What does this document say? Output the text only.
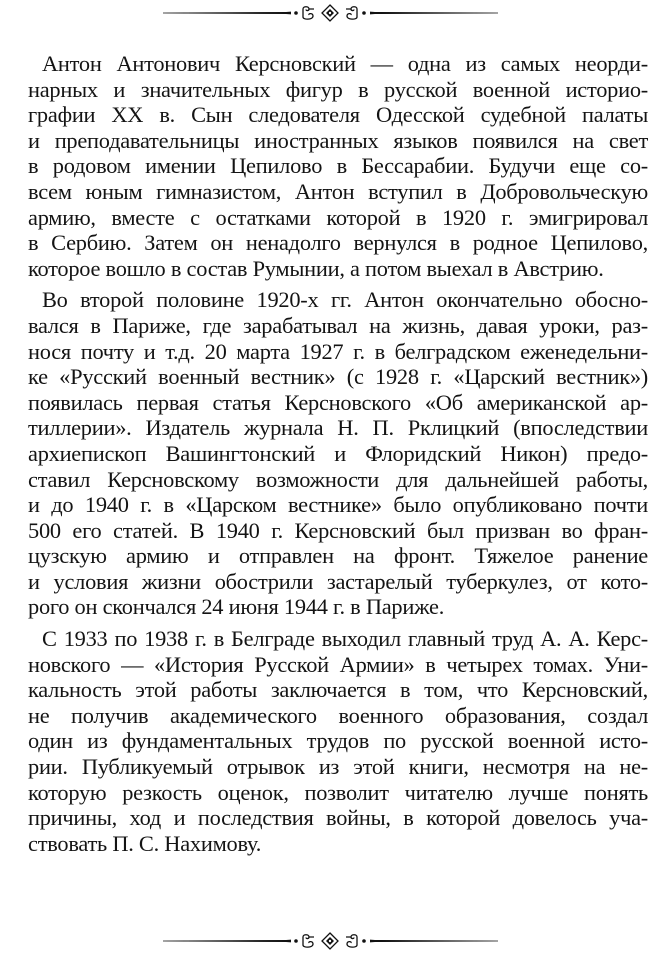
Антон Антонович Керсновский — одна из самых неорди-
нарных и значительных фигур в русской военной историо-
графии XX в. Сын следователя Одесской судебной палаты
и преподавательницы иностранных языков появился на свет
в родовом имении Цепилово в Бессарабии. Будучи еще со-
всем юным гимназистом, Антон вступил в Добровольческую
армию, вместе с остатками которой в 1920 г. эмигрировал
в Сербию. Затем он ненадолго вернулся в родное Цепилово,
которое вошло в состав Румынии, а потом выехал в Австрию.

Во второй половине 1920-х гг. Антон окончательно обосно-
вался в Париже, где зарабатывал на жизнь, давая уроки, раз-
нося почту и т.д. 20 марта 1927 г. в белградском еженедельни-
ке «Русский военный вестник» (с 1928 г. «Царский вестник»)
появилась первая статья Керсновского «Об американской ар-
тиллерии». Издатель журнала Н. П. Рклицкий (впоследствии
архиепископ Вашингтонский и Флоридский Никон) предо-
ставил Керсновскому возможности для дальнейшей работы,
и до 1940 г. в «Царском вестнике» было опубликовано почти
500 его статей. В 1940 г. Керсновский был призван во фран-
цузскую армию и отправлен на фронт. Тяжелое ранение
и условия жизни обострили застарелый туберкулез, от кото-
рого он скончался 24 июня 1944 г. в Париже.

С 1933 по 1938 г. в Белграде выходил главный труд А. А. Керс-
новского — «История Русской Армии» в четырех томах. Уни-
кальность этой работы заключается в том, что Керсновский,
не получив академического военного образования, создал
один из фундаментальных трудов по русской военной исто-
рии. Публикуемый отрывок из этой книги, несмотря на не-
которую резкость оценок, позволит читателю лучше понять
причины, ход и последствия войны, в которой довелось уча-
ствовать П. С. Нахимову.
